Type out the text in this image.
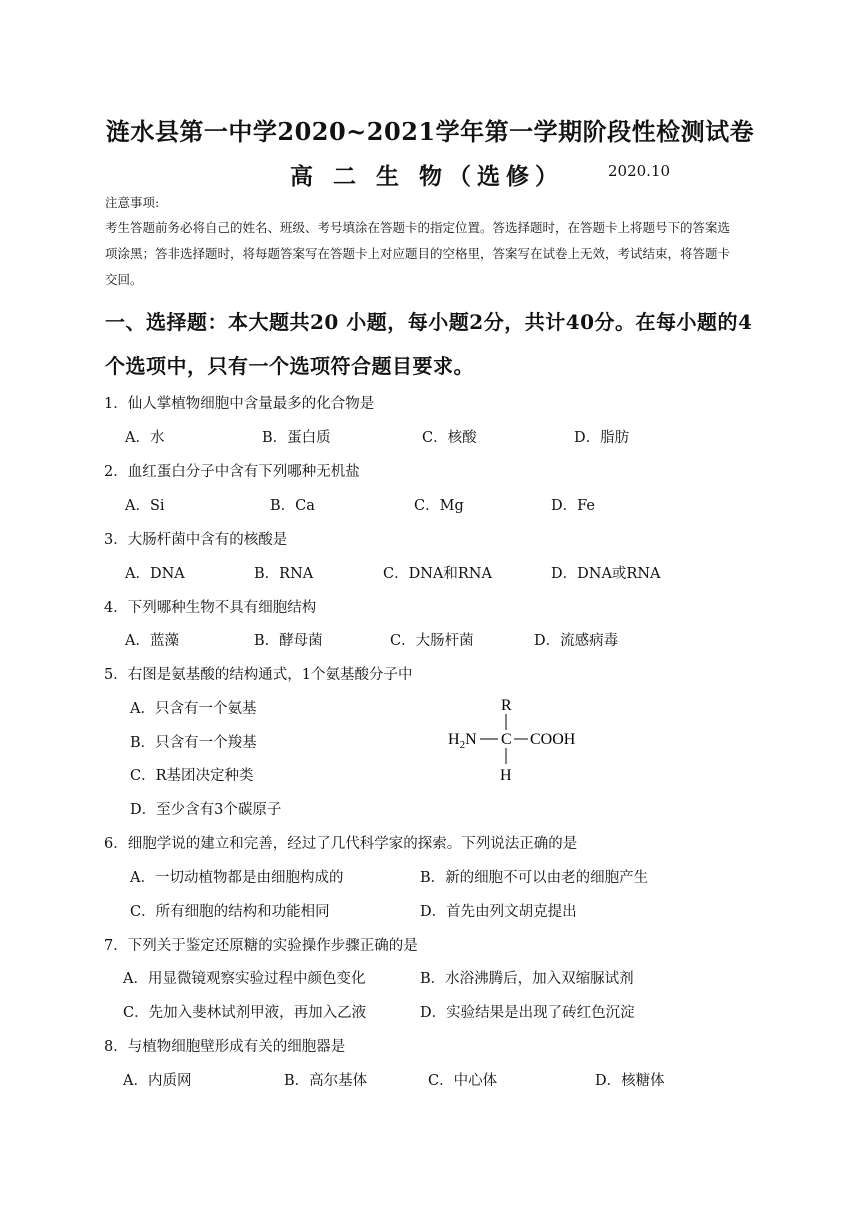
涟水县第一中学2020~2021学年第一学期阶段性检测试卷
高 二 生 物（选修）	2020.10
注意事项:
考生答题前务必将自己的姓名、班级、考号填涂在答题卡的指定位置。答选择题时，在答题卡上将题号下的答案选
项涂黑；答非选择题时，将每题答案写在答题卡上对应题目的空格里，答案写在试卷上无效，考试结束，将答题卡
交回。
一、选择题：本大题共20 小题，每小题2分，共计40分。在每小题的4
个选项中，只有一个选项符合题目要求。
1．仙人掌植物细胞中含量最多的化合物是
A．水	B．蛋白质	C．核酸	D．脂肪
2．血红蛋白分子中含有下列哪种无机盐
A．Si	B．Ca	C．Mg	D．Fe
3．大肠杆菌中含有的核酸是
A．DNA	B．RNA	C．DNA和RNA	D．DNA或RNA
4．下列哪种生物不具有细胞结构
A．蓝藻	B．酵母菌	C．大肠杆菌	D．流感病毒
5．右图是氨基酸的结构通式，1个氨基酸分子中
A．只含有一个氨基
B．只含有一个羧基
C．R基团决定种类
D．至少含有3个碳原子
R
$H_2N$ C COOH
H
6．细胞学说的建立和完善，经过了几代科学家的探索。下列说法正确的是
A．一切动植物都是由细胞构成的	B．新的细胞不可以由老的细胞产生
C．所有细胞的结构和功能相同	D．首先由列文胡克提出
7．下列关于鉴定还原糖的实验操作步骤正确的是
A．用显微镜观察实验过程中颜色变化	B．水浴沸腾后，加入双缩脲试剂
C．先加入斐林试剂甲液，再加入乙液	D．实验结果是出现了砖红色沉淀
8．与植物细胞壁形成有关的细胞器是
A．内质网	B．高尔基体	C．中心体	D．核糖体
